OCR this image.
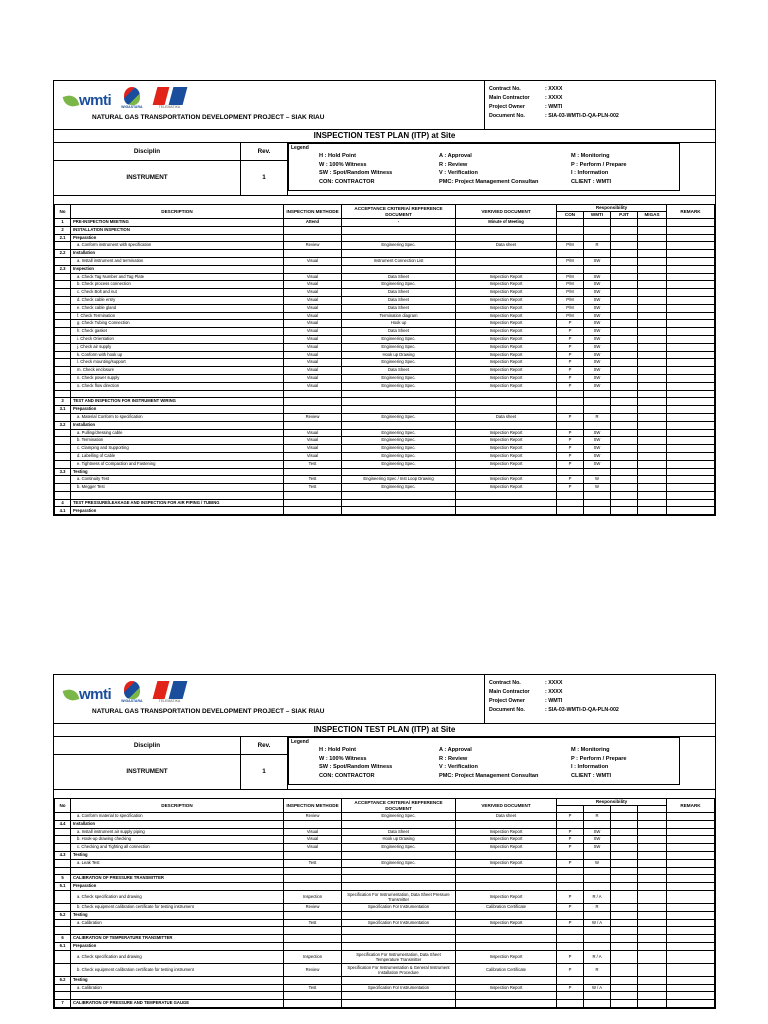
wmti	WIGASTARA	TELEMATIKA
NATURAL GAS TRANSPORTATION DEVELOPMENT PROJECT – SIAK RIAU
Contract No.	: XXXX
Main Contractor	: XXXX
Project Owner	: WMTI
Document No.	: SIA-03-WMTI-D-QA-PLN-002
INSPECTION TEST PLAN (ITP) at Site
Disciplin
INSTRUMENT
Rev.
1
Legend
H : Hold Point
W : 100% Witness
SW : Spot/Random Witness
CON: CONTRACTOR
A : Approval
R : Review
V : Verification
PMC: Project Management Consultan
M : Monitoring
P : Perform / Prepare
I : Information
CLIENT : WMTI
No	DESCRIPTION	INSPECTION METHODE	ACCEPTANCE CRITERIA/ REFFERENCE DOCUMENT	VERIVIED DOCUMENT	Responsibility				REMARK
					CON	WMTI	PJIT	MIGAS	
1	PRE-INSPECTION MEETING	Attend	-	Minute of Meeting					
2	INSTALLATION INSPECTION								
2.1	Preparation								
	a. Conform instrument with specification	Review	Engineering Spec.	Data sheet	P/M	R			
2.2	Installation								
	a. Install instrument and termination	Visual	Instrument Connection List		P/M	SW			
2.3	Inspection								
	a. Check Tag Number and Tag Plate	Visual	Data Sheet	Inspection Report	P/M	SW			
	b. Check process connection	Visual	Engineering Spec.	Inspection Report	P/M	SW			
	c. Check Bolt and nut	Visual	Data Sheet	Inspection Report	P/M	SW			
	d. Check cable entry	Visual	Data Sheet	Inspection Report	P/M	SW			
	e. Check cable gland	Visual	Data Sheet	Inspection Report	P/M	SW			
	f. Check Termination	Visual	Termination diagram	Inspection Report	P/M	SW			
	g. Check Tubing Connection	Visual	Hook up	Inspection Report	P	SW			
	h. Check gasket	Visual	Data Sheet	Inspection Report	P	SW			
	i. Check Orientation	Visual	Engineering Spec.	Inspection Report	P	SW			
	j. Check air supply	Visual	Engineering Spec.	Inspection Report	P	SW			
	k. Conform with hook up	Visual	Hook up Drawing	Inspection Report	P	SW			
	l. Check mounting/support	Visual	Engineering Spec.	Inspection Report	P	SW			
	m. Check enclosure	Visual	Data Sheet	Inspection Report	P	SW			
	n. Check power supply	Visual	Engineering Spec.	Inspection Report	P	SW			
	o. Check flow direction	Visual	Engineering Spec.	Inspection Report	P	SW			

3	TEST AND INSPECTION FOR INSTRUMENT WIRING								
3.1	Preparation								
	a. Material Conform to specification	Review	Engineering Spec.	Data sheet	P	R			
3.2	Installation								
	a. Pulling/dressing cable	Visual	Engineering Spec.	Inspection Report	P	SW			
	b. Termination	Visual	Engineering Spec.	Inspection Report	P	SW			
	c. Clamping and Supporting	Visual	Engineering Spec.	Inspection Report	P	SW			
	d. Labelling of Cable	Visual	Engineering Spec.	Inspection Report	P	SW			
	e. Tightness of Compaction and Fastening	Test	Engineering Spec.	Inspection Report	P	SW			
3.3	Testing								
	a. Continuity Test	Test	Engineering Spec / Inst Loop Drawing	Inspection Report	P	W			
	b. Megger Test	Test	Engineering Spec.	Inspection Report	P	W			

4	TEST PRESSURE/LEAKAGE AND INSPECTION FOR AIR PIPING / TUBING								
4.1	Preparation								
wmti	WIGASTARA	TELEMATIKA
NATURAL GAS TRANSPORTATION DEVELOPMENT PROJECT – SIAK RIAU
Contract No.	: XXXX
Main Contractor	: XXXX
Project Owner	: WMTI
Document No.	: SIA-03-WMTI-D-QA-PLN-002
INSPECTION TEST PLAN (ITP) at Site
Disciplin
INSTRUMENT
Rev.
1
Legend
H : Hold Point
W : 100% Witness
SW : Spot/Random Witness
CON: CONTRACTOR
A : Approval
R : Review
V : Verification
PMC: Project Management Consultan
M : Monitoring
P : Perform / Prepare
I : Information
CLIENT : WMTI
No	DESCRIPTION	INSPECTION METHODE	ACCEPTANCE CRITERIA/ REFFERENCE DOCUMENT	VERIVIED DOCUMENT	Responsibility				REMARK
	a. Conform material to specification	Review	Engineering Spec.	Data sheet	P	R			
4.4	Installation								
	a. Install instrument air supply piping	Visual	Data Sheet	Inspection Report	P	SW			
	b. Hook-up drawing checking	Visual	Hook up Drawing	Inspection Report	P	SW			
	c. Checking and Tighting all connection	Visual	Engineering Spec.	Inspection Report	P	SW			
4.3	Testing								
	a. Leak Test	Test	Engineering Spec.	Inspection Report	P	W			

5	CALIBRATION OF PRESSURE TRANSMITTER								
5.1	Preparation								
	a. Check specification and drawing	Inspection	Specification For Instrumentation, Data Sheet Pressure Transmitter	Inspection Report	P	R / A			
	b. Check equipment calibration certificate for testing instrument	Review	Specification For Instrumentation	Calibration Certificate	P	R			
5.2	Testing								
	a. Calibration	Test	Specification For Instrumentation	Inspection Report	P	W / A			

6	CALIBRATION OF TEMPERATURE TRANSMITTER								
6.1	Preparation								
	a. Check specification and drawing	Inspection	Specification For Instrumentation, Data Sheet Temperature Transmitter	Inspection Report	P	R / A			
	b. Check equipment calibration certificate for testing instrument	Review	Specification For Instrumentation & General Instrument Installation Procedure	Calibration Certificate	P	R			
6.2	Testing								
	a. Calibration	Test	Specification For Instrumentation	Inspection Report	P	W / A			

7	CALIBRATION OF PRESSURE AND TEMPERATUE GAUGE								
